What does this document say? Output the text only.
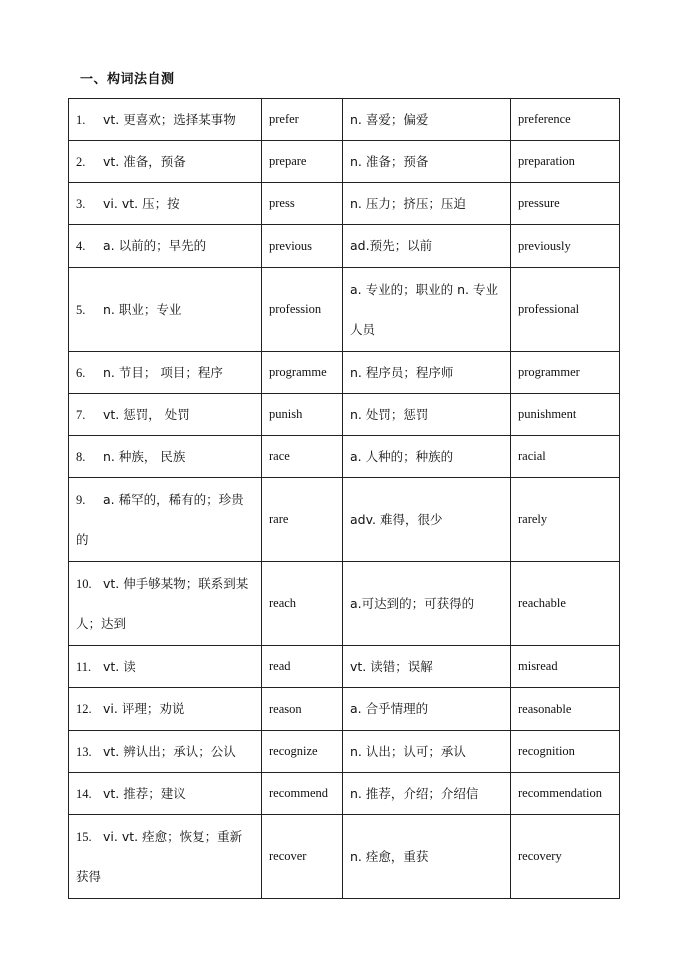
一、构词法自测
1. vt. 更喜欢；选择某事物	prefer	n. 喜爱；偏爱	preference

2. vt. 准备，预备	prepare	n. 准备；预备	preparation

3. vi. vt. 压；按	press	n. 压力；挤压；压迫	pressure

4. a. 以前的；早先的	previous	ad.预先；以前	previously

5. n. 职业；专业	profession	a. 专业的；职业的 n. 专业人员	professional

6. n. 节目； 项目；程序	programme	n. 程序员；程序师	programmer

7. vt. 惩罚， 处罚	punish	n. 处罚；惩罚	punishment

8. n. 种族， 民族	race	a. 人种的；种族的	racial

9. a. 稀罕的，稀有的；珍贵的	rare	adv. 难得，很少	rarely

10. vt. 伸手够某物；联系到某人；达到	reach	a.可达到的；可获得的	reachable

11. vt. 读	read	vt. 读错；误解	misread

12. vi. 评理；劝说	reason	a. 合乎情理的	reasonable

13. vt. 辨认出；承认；公认	recognize	n. 认出；认可；承认	recognition

14. vt. 推荐；建议	recommend	n. 推荐，介绍；介绍信	recommendation

15. vi. vt. 痊愈；恢复；重新获得	recover	n. 痊愈，重获	recovery
